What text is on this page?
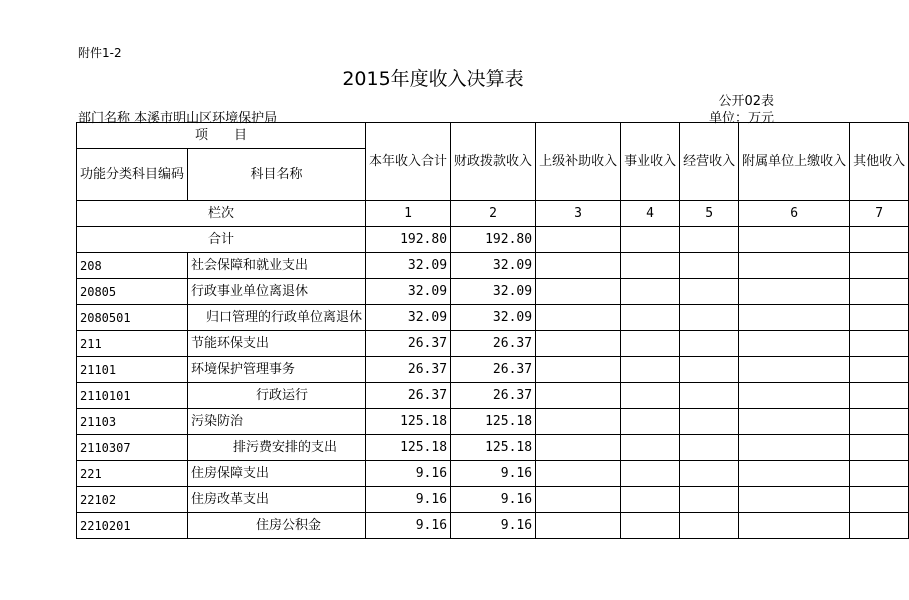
附件1-2
2015年度收入决算表
公开02表
部门名称 本溪市明山区环境保护局	单位：万元
项　　目		本年收入合计	财政拨款收入	上级补助收入	事业收入	经营收入	附属单位上缴收入	其他收入
功能分类科目编码	科目名称							
栏次		1	2	3	4	5	6	7
合计		192.80	192.80					
208	社会保障和就业支出	32.09	32.09					
20805	行政事业单位离退休	32.09	32.09					
2080501	归口管理的行政单位离退休	32.09	32.09					
211	节能环保支出	26.37	26.37					
21101	环境保护管理事务	26.37	26.37					
2110101	行政运行	26.37	26.37					
21103	污染防治	125.18	125.18					
2110307	排污费安排的支出	125.18	125.18					
221	住房保障支出	9.16	9.16					
22102	住房改革支出	9.16	9.16					
2210201	住房公积金	9.16	9.16					
